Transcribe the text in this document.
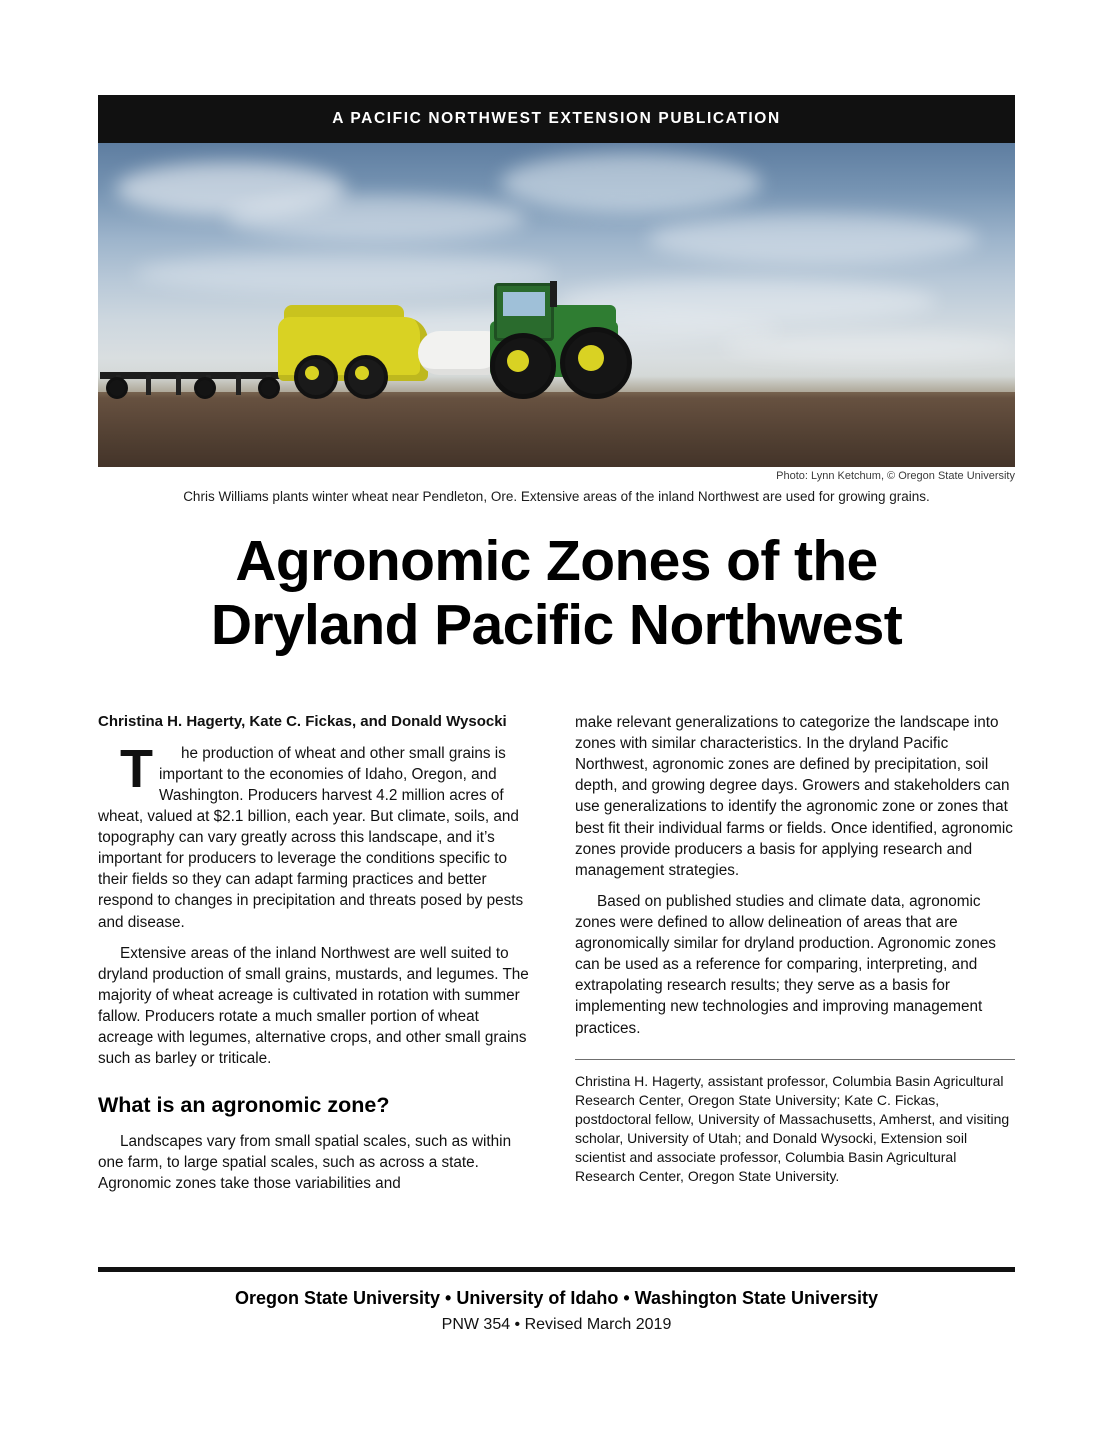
A PACIFIC NORTHWEST EXTENSION PUBLICATION
Photo: Lynn Ketchum, © Oregon State University
Chris Williams plants winter wheat near Pendleton, Ore. Extensive areas of the inland Northwest are used for growing grains.
Agronomic Zones of the
Dryland Pacific Northwest
Christina H. Hagerty, Kate C. Fickas, and Donald Wysocki

T he production of wheat and other small grains is important to the economies of Idaho, Oregon, and Washington. Producers harvest 4.2 million acres of wheat, valued at $2.1 billion, each year. But climate, soils, and topography can vary greatly across this landscape, and it’s important for producers to leverage the conditions specific to their fields so they can adapt farming practices and better respond to changes in precipitation and threats posed by pests and disease.

Extensive areas of the inland Northwest are well suited to dryland production of small grains, mustards, and legumes. The majority of wheat acreage is cultivated in rotation with summer fallow. Producers rotate a much smaller portion of wheat acreage with legumes, alternative crops, and other small grains such as barley or triticale.

What is an agronomic zone?

Landscapes vary from small spatial scales, such as within one farm, to large spatial scales, such as across a state. Agronomic zones take those variabilities and

make relevant generalizations to categorize the landscape into zones with similar characteristics. In the dryland Pacific Northwest, agronomic zones are defined by precipitation, soil depth, and growing degree days. Growers and stakeholders can use generalizations to identify the agronomic zone or zones that best fit their individual farms or fields. Once identified, agronomic zones provide producers a basis for applying research and management strategies.

Based on published studies and climate data, agronomic zones were defined to allow delineation of areas that are agronomically similar for dryland production. Agronomic zones can be used as a reference for comparing, interpreting, and extrapolating research results; they serve as a basis for implementing new technologies and improving management practices.

Christina H. Hagerty, assistant professor, Columbia Basin Agricultural Research Center, Oregon State University; Kate C. Fickas, postdoctoral fellow, University of Massachusetts, Amherst, and visiting scholar, University of Utah; and Donald Wysocki, Extension soil scientist and associate professor, Columbia Basin Agricultural Research Center, Oregon State University.
Oregon State University • University of Idaho • Washington State University
PNW 354 • Revised March 2019
